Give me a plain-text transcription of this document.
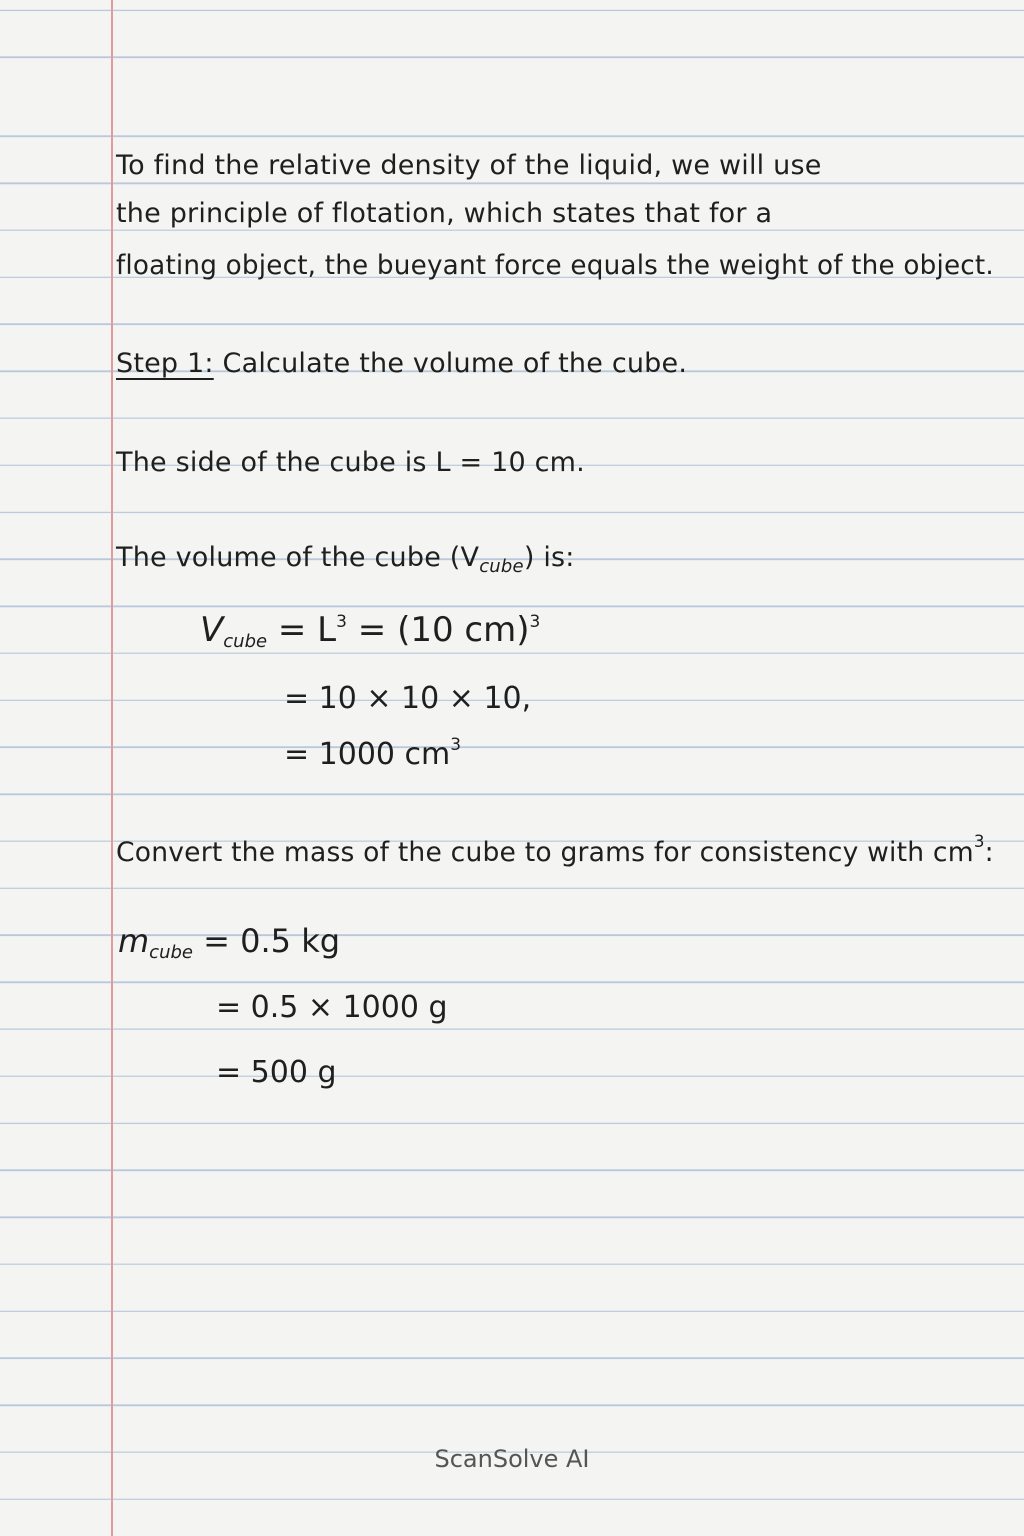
To find the relative density of the liquid, we will use
the principle of flotation, which states that for a
floating object, the bueyant force equals the weight of the object.
Step 1: Calculate the volume of the cube.
The side of the cube is L = 10 cm.
The volume of the cube $(V_{cube})$ is:
$V_{cube} = L^3 = (10$ cm)$^3$
= 10 × 10 × 10,
= 1000 $cm^3$
Convert the mass of the cube to grams for consistency with $cm^3$:
$m_{cube} = 0.5$ kg
= 0.5 × 1000 g
= 500 g
ScanSolve AI
